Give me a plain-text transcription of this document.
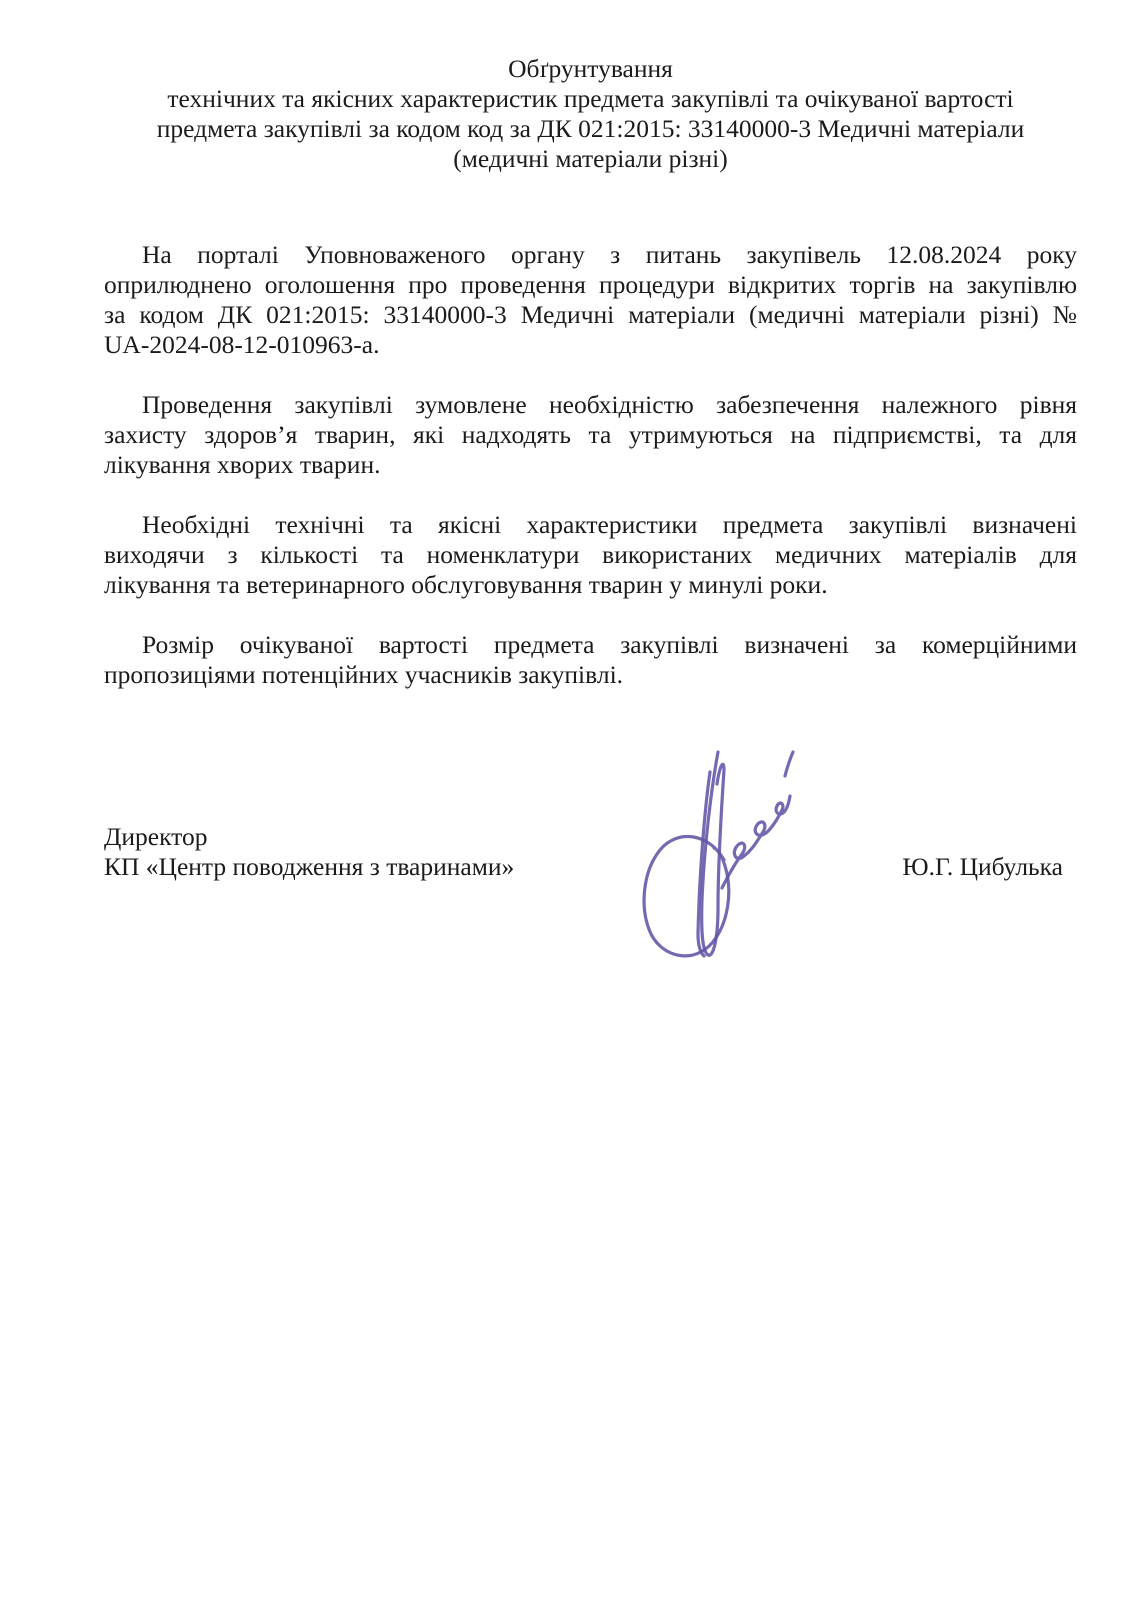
Обґрунтування
технічних та якісних характеристик предмета закупівлі та очікуваної вартості
предмета закупівлі за кодом код за ДК 021:2015: 33140000-3 Медичні матеріали
(медичні матеріали різні)
На порталі Уповноваженого органу з питань закупівель 12.08.2024 року
оприлюднено оголошення про проведення процедури відкритих торгів на закупівлю
за кодом ДК 021:2015: 33140000-3 Медичні матеріали (медичні матеріали різні) №
UA-2024-08-12-010963-а.
Проведення закупівлі зумовлене необхідністю забезпечення належного рівня
захисту здоров’я тварин, які надходять та утримуються на підприємстві, та для
лікування хворих тварин.
Необхідні технічні та якісні характеристики предмета закупівлі визначені
виходячи з кількості та номенклатури використаних медичних матеріалів для
лікування та ветеринарного обслуговування тварин у минулі роки.
Розмір очікуваної вартості предмета закупівлі визначені за комерційними
пропозиціями потенційних учасників закупівлі.
Директор
КП «Центр поводження з тваринами»	Ю.Г. Цибулька
